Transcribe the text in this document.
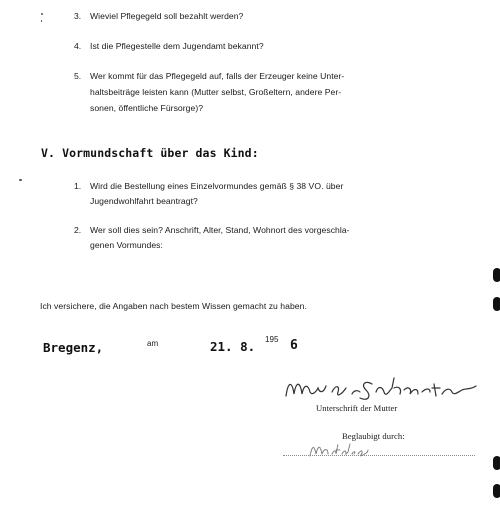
3. Wieviel Pflegegeld soll bezahlt werden?
4. Ist die Pflegestelle dem Jugendamt bekannt?
5. Wer kommt für das Pflegegeld auf, falls der Erzeuger keine Unter-
haltsbeiträge leisten kann (Mutter selbst, Großeltern, andere Per-
sonen, öffentliche Fürsorge)?
V. Vormundschaft über das Kind:
1. Wird die Bestellung eines Einzelvormundes gemäß § 38 VO. über
Jugendwohlfahrt beantragt?
2. Wer soll dies sein? Anschrift, Alter, Stand, Wohnort des vorgeschla-
genen Vormundes:
Ich versichere, die Angaben nach bestem Wissen gemacht zu haben.
Bregenz,	am	21. 8. 195 6
Unterschrift der Mutter
Beglaubigt durch:
